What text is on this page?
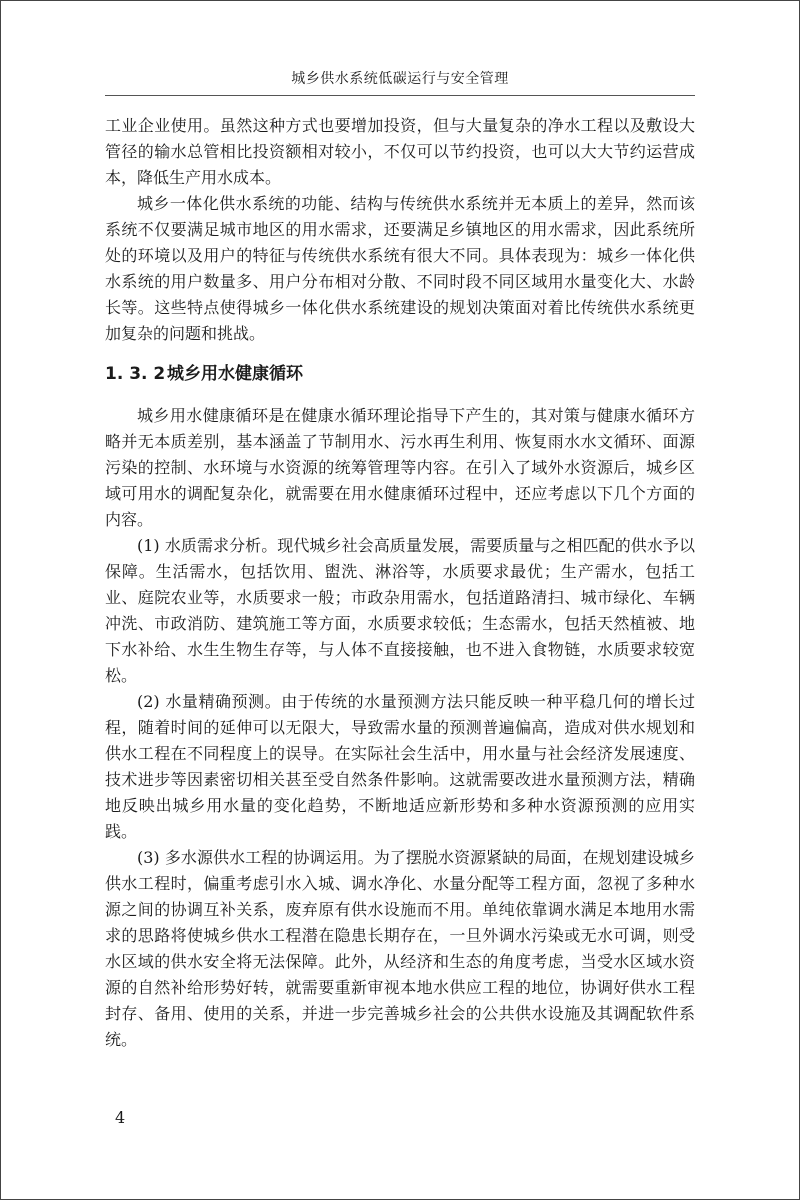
城乡供水系统低碳运行与安全管理

工业企业使用。虽然这种方式也要增加投资，但与大量复杂的净水工程以及敷设大管径的输水总管相比投资额相对较小，不仅可以节约投资，也可以大大节约运营成本，降低生产用水成本。

城乡一体化供水系统的功能、结构与传统供水系统并无本质上的差异，然而该系统不仅要满足城市地区的用水需求，还要满足乡镇地区的用水需求，因此系统所处的环境以及用户的特征与传统供水系统有很大不同。具体表现为：城乡一体化供水系统的用户数量多、用户分布相对分散、不同时段不同区域用水量变化大、水龄长等。这些特点使得城乡一体化供水系统建设的规划决策面对着比传统供水系统更加复杂的问题和挑战。

1. 3. 2 城乡用水健康循环

城乡用水健康循环是在健康水循环理论指导下产生的，其对策与健康水循环方略并无本质差别，基本涵盖了节制用水、污水再生利用、恢复雨水水文循环、面源污染的控制、水环境与水资源的统筹管理等内容。在引入了域外水资源后，城乡区域可用水的调配复杂化，就需要在用水健康循环过程中，还应考虑以下几个方面的内容。

(1) 水质需求分析。现代城乡社会高质量发展，需要质量与之相匹配的供水予以保障。生活需水，包括饮用、盥洗、淋浴等，水质要求最优；生产需水，包括工业、庭院农业等，水质要求一般；市政杂用需水，包括道路清扫、城市绿化、车辆冲洗、市政消防、建筑施工等方面，水质要求较低；生态需水，包括天然植被、地下水补给、水生生物生存等，与人体不直接接触，也不进入食物链，水质要求较宽松。

(2) 水量精确预测。由于传统的水量预测方法只能反映一种平稳几何的增长过程，随着时间的延伸可以无限大，导致需水量的预测普遍偏高，造成对供水规划和供水工程在不同程度上的误导。在实际社会生活中，用水量与社会经济发展速度、技术进步等因素密切相关甚至受自然条件影响。这就需要改进水量预测方法，精确地反映出城乡用水量的变化趋势，不断地适应新形势和多种水资源预测的应用实践。

(3) 多水源供水工程的协调运用。为了摆脱水资源紧缺的局面，在规划建设城乡供水工程时，偏重考虑引水入城、调水净化、水量分配等工程方面，忽视了多种水源之间的协调互补关系，废弃原有供水设施而不用。单纯依靠调水满足本地用水需求的思路将使城乡供水工程潜在隐患长期存在，一旦外调水污染或无水可调，则受水区域的供水安全将无法保障。此外，从经济和生态的角度考虑，当受水区域水资源的自然补给形势好转，就需要重新审视本地水供应工程的地位，协调好供水工程封存、备用、使用的关系，并进一步完善城乡社会的公共供水设施及其调配软件系统。

4
